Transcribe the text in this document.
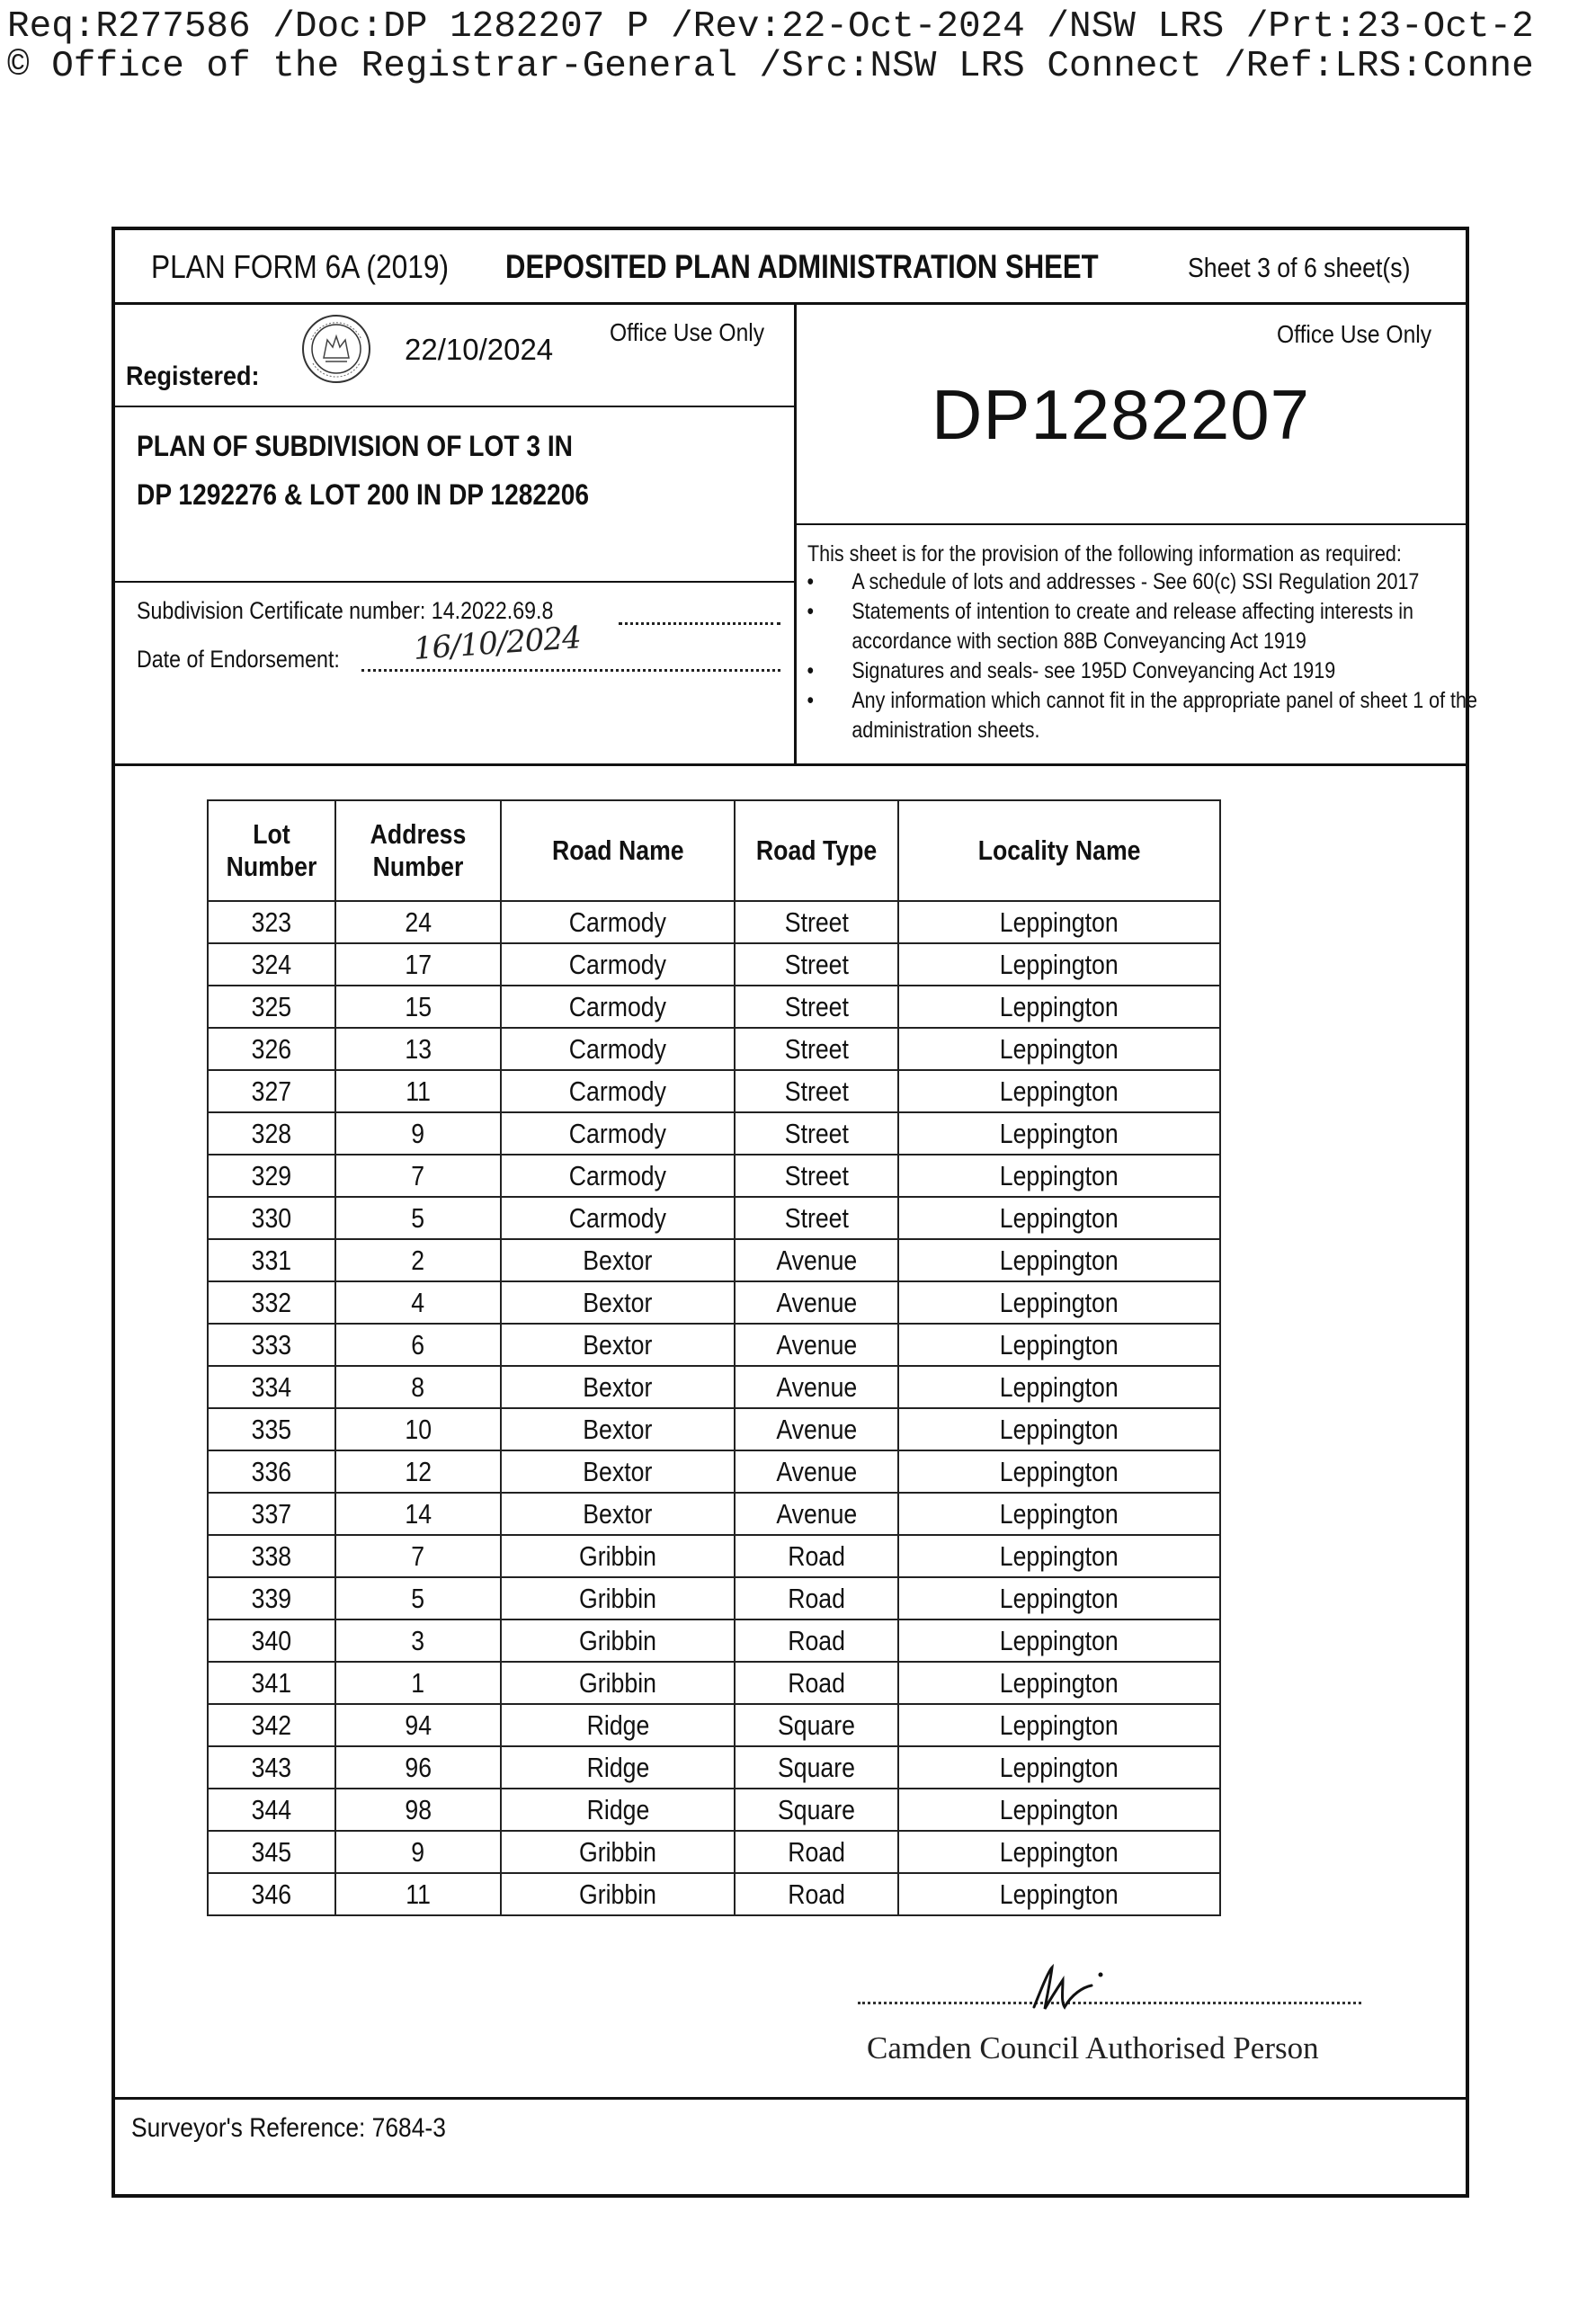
Req:R277586 /Doc:DP 1282207 P /Rev:22-Oct-2024 /NSW LRS /Prt:23-Oct-2
© Office of the Registrar-General /Src:NSW LRS Connect /Ref:LRS:Conne
PLAN FORM 6A (2019) DEPOSITED PLAN ADMINISTRATION SHEET	Sheet 3 of 6 sheet(s)
22/10/2024
Office Use Only
Registered:
PLAN OF SUBDIVISION OF LOT 3 IN
DP 1292276 & LOT 200 IN DP 1282206
Subdivision Certificate number: 14.2022.69.8
Date of Endorsement: 16/10/2024
Office Use Only
DP1282207
This sheet is for the provision of the following information as required:
• A schedule of lots and addresses - See 60(c) SSI Regulation 2017
• Statements of intention to create and release affecting interests in accordance with section 88B Conveyancing Act 1919
• Signatures and seals- see 195D Conveyancing Act 1919
• Any information which cannot fit in the appropriate panel of sheet 1 of the administration sheets.
Camden Council Authorised Person
Surveyor's Reference: 7684-3
Lot Number	Address Number	Road Name	Road Type	Locality Name
323	24	Carmody	Street	Leppington
324	17	Carmody	Street	Leppington
325	15	Carmody	Street	Leppington
326	13	Carmody	Street	Leppington
327	11	Carmody	Street	Leppington
328	9	Carmody	Street	Leppington
329	7	Carmody	Street	Leppington
330	5	Carmody	Street	Leppington
331	2	Bextor	Avenue	Leppington
332	4	Bextor	Avenue	Leppington
333	6	Bextor	Avenue	Leppington
334	8	Bextor	Avenue	Leppington
335	10	Bextor	Avenue	Leppington
336	12	Bextor	Avenue	Leppington
337	14	Bextor	Avenue	Leppington
338	7	Gribbin	Road	Leppington
339	5	Gribbin	Road	Leppington
340	3	Gribbin	Road	Leppington
341	1	Gribbin	Road	Leppington
342	94	Ridge	Square	Leppington
343	96	Ridge	Square	Leppington
344	98	Ridge	Square	Leppington
345	9	Gribbin	Road	Leppington
346	11	Gribbin	Road	Leppington
